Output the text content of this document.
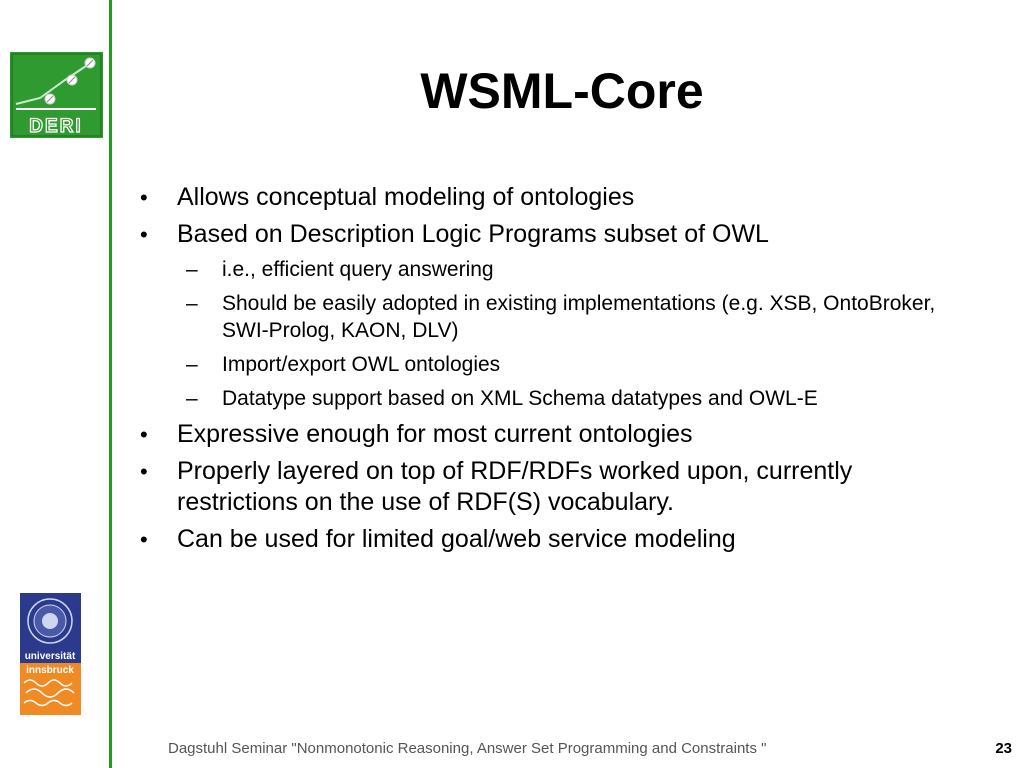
DERI
universität
innsbruck
WSML-Core
•	Allows conceptual modeling of ontologies
•	Based on Description Logic Programs subset of OWL
– i.e., efficient query answering
– Should be easily adopted in existing implementations (e.g. XSB, OntoBroker, SWI-Prolog, KAON, DLV)
– Import/export OWL ontologies
– Datatype support based on XML Schema datatypes and OWL-E
•	Expressive enough for most current ontologies
•	Properly layered on top of RDF/RDFs worked upon, currently restrictions on the use of RDF(S) vocabulary.
•	Can be used for limited goal/web service modeling
Dagstuhl Seminar "Nonmonotonic Reasoning, Answer Set Programming and Constraints "	23
